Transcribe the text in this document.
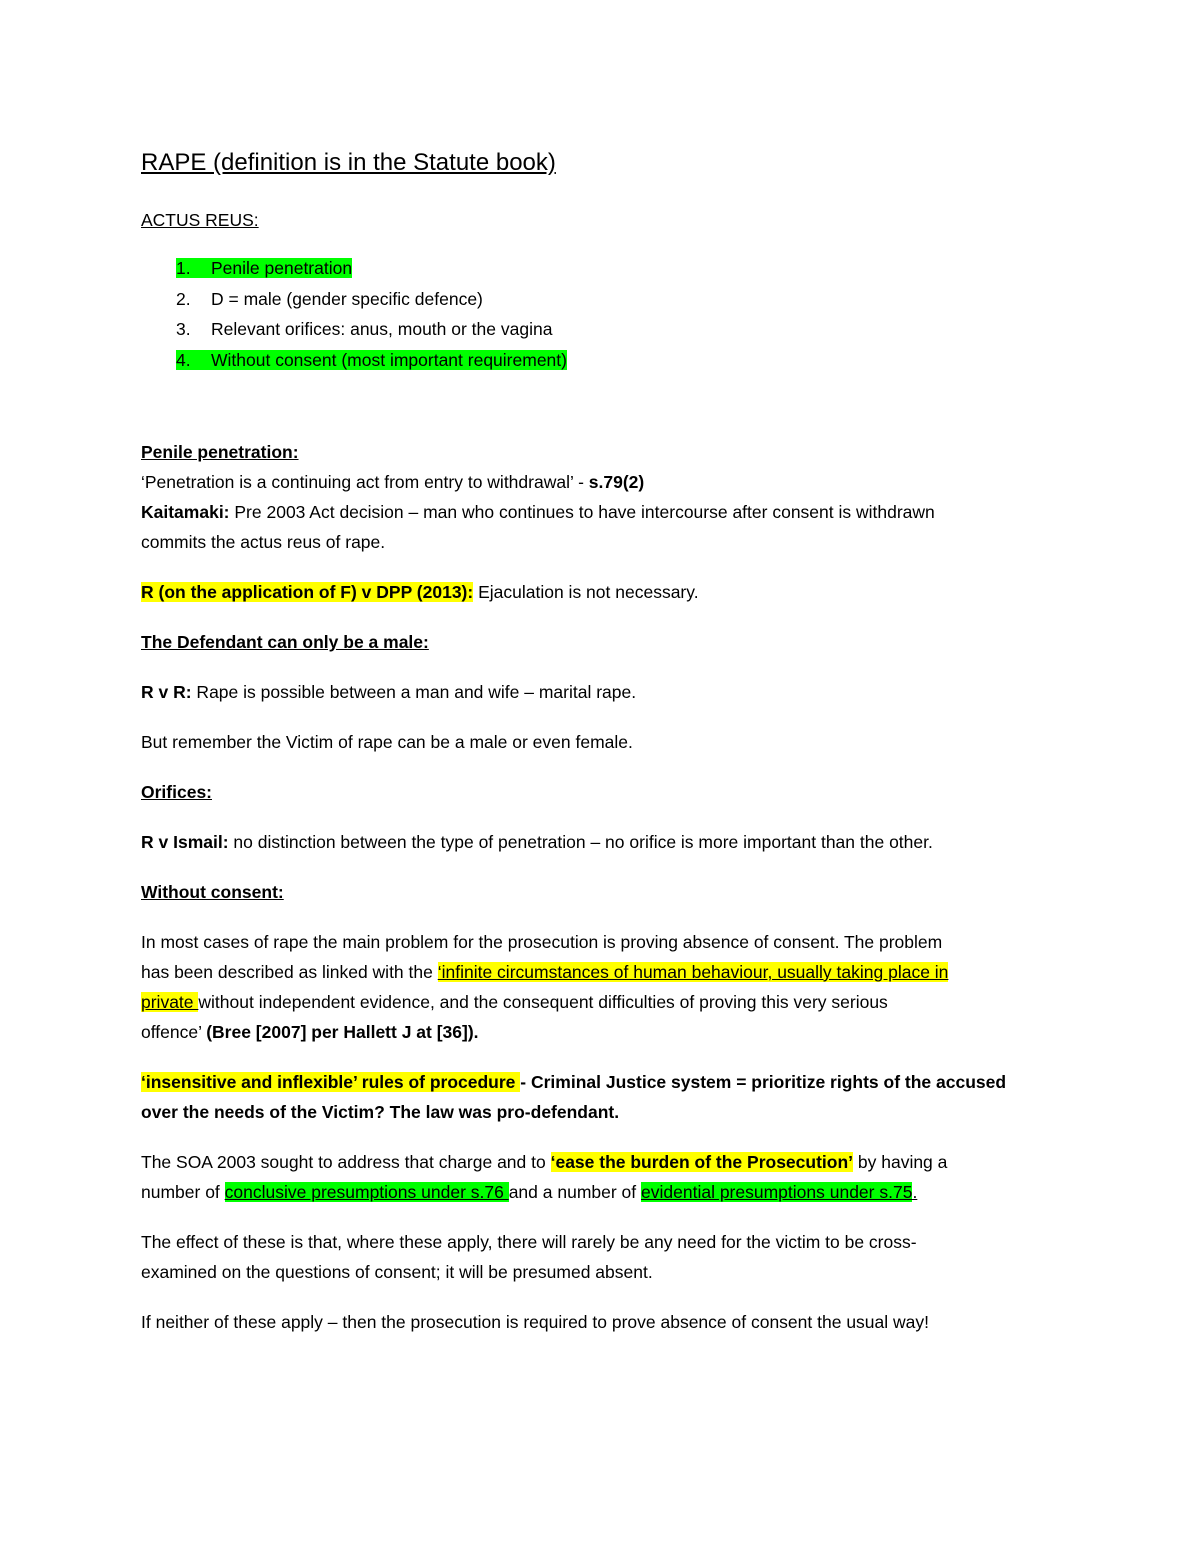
RAPE (definition is in the Statute book)

ACTUS REUS:

1. Penile penetration
2. D = male (gender specific defence)
3. Relevant orifices: anus, mouth or the vagina
4. Without consent (most important requirement)

Penile penetration:

‘Penetration is a continuing act from entry to withdrawal’ - s.79(2)

Kaitamaki: Pre 2003 Act decision – man who continues to have intercourse after consent is withdrawn

commits the actus reus of rape.

R (on the application of F) v DPP (2013): Ejaculation is not necessary.

The Defendant can only be a male:

R v R: Rape is possible between a man and wife – marital rape.

But remember the Victim of rape can be a male or even female.

Orifices:

R v Ismail: no distinction between the type of penetration – no orifice is more important than the other.

Without consent:

In most cases of rape the main problem for the prosecution is proving absence of consent. The problem

has been described as linked with the ‘infinite circumstances of human behaviour, usually taking place in

private without independent evidence, and the consequent difficulties of proving this very serious

offence’ (Bree [2007] per Hallett J at [36]).

‘insensitive and inflexible’ rules of procedure - Criminal Justice system = prioritize rights of the accused

over the needs of the Victim? The law was pro-defendant.

The SOA 2003 sought to address that charge and to ‘ease the burden of the Prosecution’ by having a

number of conclusive presumptions under s.76 and a number of evidential presumptions under s.75.

The effect of these is that, where these apply, there will rarely be any need for the victim to be cross-

examined on the questions of consent; it will be presumed absent.

If neither of these apply – then the prosecution is required to prove absence of consent the usual way!
